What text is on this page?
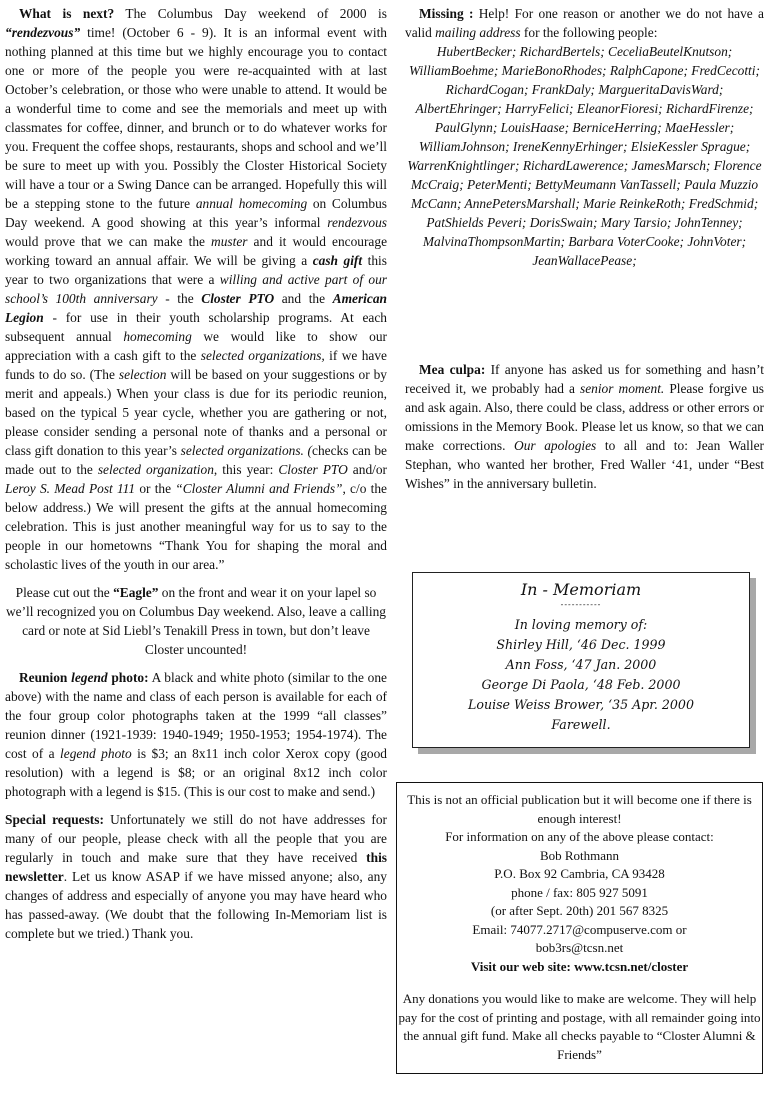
What is next? The Columbus Day weekend of 2000 is “rendezvous” time! (October 6 - 9). It is an informal event with nothing planned at this time but we highly encourage you to contact one or more of the people you were re-acquainted with at last October’s celebration, or those who were unable to attend. It would be a wonderful time to come and see the memorials and meet up with classmates for coffee, dinner, and brunch or to do whatever works for you. Frequent the coffee shops, restaurants, shops and school and we’ll be sure to meet up with you. Possibly the Closter Historical Society will have a tour or a Swing Dance can be arranged. Hopefully this will be a stepping stone to the future annual homecoming on Columbus Day weekend. A good showing at this year’s informal rendezvous would prove that we can make the muster and it would encourage working toward an annual affair. We will be giving a cash gift this year to two organizations that were a willing and active part of our school’s 100th anniversary - the Closter PTO and the American Legion - for use in their youth scholarship programs. At each subsequent annual homecoming we would like to show our appreciation with a cash gift to the selected organizations, if we have funds to do so. (The selection will be based on your suggestions or by merit and appeals.) When your class is due for its periodic reunion, based on the typical 5 year cycle, whether you are gathering or not, please consider sending a personal note of thanks and a personal or class gift donation to this year’s selected organizations. (checks can be made out to the selected organization, this year: Closter PTO and/or Leroy S. Mead Post 111 or the “Closter Alumni and Friends”, c/o the below address.) We will present the gifts at the annual homecoming celebration. This is just another meaningful way for us to say to the people in our hometowns “Thank You for shaping the moral and scholastic lives of the youth in our area.”

Please cut out the “Eagle” on the front and wear it on your lapel so we’ll recognized you on Columbus Day weekend. Also, leave a calling card or note at Sid Liebl’s Tenakill Press in town, but don’t leave Closter uncounted!

Reunion legend photo: A black and white photo (similar to the one above) with the name and class of each person is available for each of the four group color photographs taken at the 1999 “all classes” reunion dinner (1921-1939: 1940-1949; 1950-1953; 1954-1974). The cost of a legend photo is $3; an 8x11 inch color Xerox copy (good resolution) with a legend is $8; or an original 8x12 inch color photograph with a legend is $15. (This is our cost to make and send.)

Special requests: Unfortunately we still do not have addresses for many of our people, please check with all the people that you are regularly in touch and make sure that they have received this newsletter. Let us know ASAP if we have missed anyone; also, any changes of address and especially of anyone you may have heard who has passed-away. (We doubt that the following In-Memoriam list is complete but we tried.) Thank you.

Missing : Help! For one reason or another we do not have a valid mailing address for the following people:

HubertBecker; RichardBertels; CeceliaBeutelKnutson; WilliamBoehme; MarieBonoRhodes; RalphCapone; FredCecotti; RichardCogan; FrankDaly; MargueritaDavisWard; AlbertEhringer; HarryFelici; EleanorFioresi; RichardFirenze; PaulGlynn; LouisHaase; BerniceHerring; MaeHessler; WilliamJohnson; IreneKennyErhinger; ElsieKessler Sprague; WarrenKnightlinger; RichardLawerence; JamesMarsch; Florence McCraig; PeterMenti; BettyMeumann VanTassell; Paula Muzzio McCann; AnnePetersMarshall; Marie ReinkeRoth; FredSchmid; PatShields Peveri; DorisSwain; Mary Tarsio; JohnTenney; MalvinaThompsonMartin; Barbara VoterCooke; JohnVoter; JeanWallacePease;

Mea culpa: If anyone has asked us for something and hasn’t received it, we probably had a senior moment. Please forgive us and ask again. Also, there could be class, address or other errors or omissions in the Memory Book. Please let us know, so that we can make corrections. Our apologies to all and to: Jean Waller Stephan, who wanted her brother, Fred Waller ‘41, under “Best Wishes” in the anniversary bulletin.

In - Memoriam
-----------
In loving memory of:
Shirley Hill, ‘46 Dec. 1999
Ann Foss, ‘47 Jan. 2000
George Di Paola, ‘48 Feb. 2000
Louise Weiss Brower, ‘35 Apr. 2000
Farewell.
This is not an official publication but it will become one if there is enough interest!
For information on any of the above please contact:
Bob Rothmann
P.O. Box 92 Cambria, CA 93428
phone / fax: 805 927 5091
(or after Sept. 20th) 201 567 8325
Email: 74077.2717@compuserve.com or
bob3rs@tcsn.net
Visit our web site: www.tcsn.net/closter
Any donations you would like to make are welcome. They will help pay for the cost of printing and postage, with all remainder going into the annual gift fund. Make all checks payable to “Closter Alumni & Friends”
